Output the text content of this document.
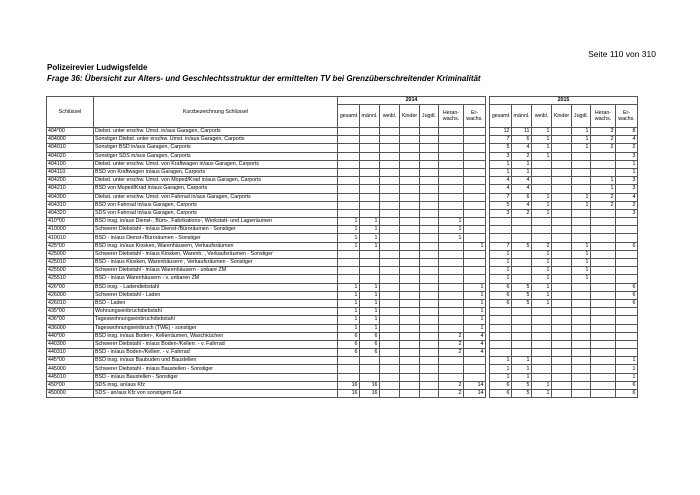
Seite 110 von 310
Polizeirevier Ludwigsfelde
Frage 36: Übersicht zur Alters- und Geschlechtsstruktur der ermittelten TV bei Grenzüberschreitender Kriminalität
Schlüssel	Kurzbezeichnung Schlüssel	2014								2015						
		gesamt	männl.	weibl.	Kinder	Jugdl.	Heran-wachs.	Er-wachs.		gesamt	männl.	weibl.	Kinder	Jugdl.	Heran-wachs.	Er-wachs.
404*00	Diebst. unter erschw. Umst. in/aus Garagen, Carports									12	11	1		1	3	8
404000	Sonstiger Diebst. unter erschw. Umst. in/aus Garagen, Carports									7	6	1		1	2	4
404010	Sonstiger BSD in/aus Garagen, Carports									5	4	1		1	2	2
404020	Sonstiger SDS in/aus Garagen, Carports									3	2	1				3
404100	Diebst. unter erschw. Umst. von Kraftwagen in/aus Garagen, Carports									1	1					1
404110	BSD von Kraftwagen in/aus Garagen, Carports									1	1					1
404200	Diebst. unter erschw. Umst. von Moped/Krad in/aus Garagen, Carports									4	4				1	3
404210	BSD von Moped/Krad in/aus Garagen, Carports									4	4				1	3
404300	Diebst. unter erschw. Umst. von Fahrrad in/aus Garagen, Carports									7	6	1		1	2	4
404310	BSD von Fahrrad in/aus Garagen, Carports									5	4	1		1	2	2
404320	SDS von Fahrrad in/aus Garagen, Carports									3	2	1				3
410*00	BSD insg. in/aus Dienst-, Büro-, Fabrikations-, Werkstatt- und Lagerräumen	1	1				1									
410000	Schwerer Diebstahl - in/aus Dienst-/Büroräumen - Sonstiger	1	1				1									
410010	BSD - in/aus Dienst-/Büroräumen - Sonstiger	1	1				1									
425*00	BSD insg. in/aus Kiosken, Warenhäusern, Verkaufsräumen	1	1					1		7	5	2		1		6
425000	Schwerer Diebstahl - in/aus Kiosken, Warenh. , Verkaufsräumen - Sonstiger									1		1		1		
425010	BSD - in/aus Kiosken, Warenhäusern , Verkaufsräumen - Sonstiger									1		1		1		
425500	Schwerer Diebstahl - in/aus Warenhäusern - unbare ZM									1		1		1		
425510	BSD - in/aus Warenhäusern - v. unbaren ZM									1		1		1		
426*00	BSD insg. - Ladendiebstahl	1	1					1		6	5	1				6
426000	Schwerer Diebstahl - Laden	1	1					1		6	5	1				6
426010	BSD - Laden	1	1					1		6	5	1				6
435*00	Wohnungseinbruchdiebstahl	1	1					1								
436*00	Tageswohnungseinbruchdiebstahl	1	1					1								
436000	Tageswohnungseinbruch (TWE) - sonstiger	1	1					1								
440*00	BSD insg. in/aus Boden-, Kellerräumen, Waschküchen	6	6				2	4								
440300	Schwerer Diebstahl - in/aus Boden-/Kellerr. - v. Fahrrad	6	6				2	4								
440310	BSD - in/aus Boden-/Kellerr. - v. Fahrrad	6	6				2	4								
445*00	BSD insg. in/aus Baubuden und Baustellen									1	1					1
445000	Schwerer Diebstahl - in/aus Baustellen - Sonstiger									1	1					1
445010	BSD - in/aus Baustellen - Sonstiger									1	1					1
450*00	SDS insg. an/aus Kfz	16	16				2	14		6	5	1				6
450000	SDS - an/aus Kfz von sonstigem Gut	16	16				2	14		6	5	1				6
